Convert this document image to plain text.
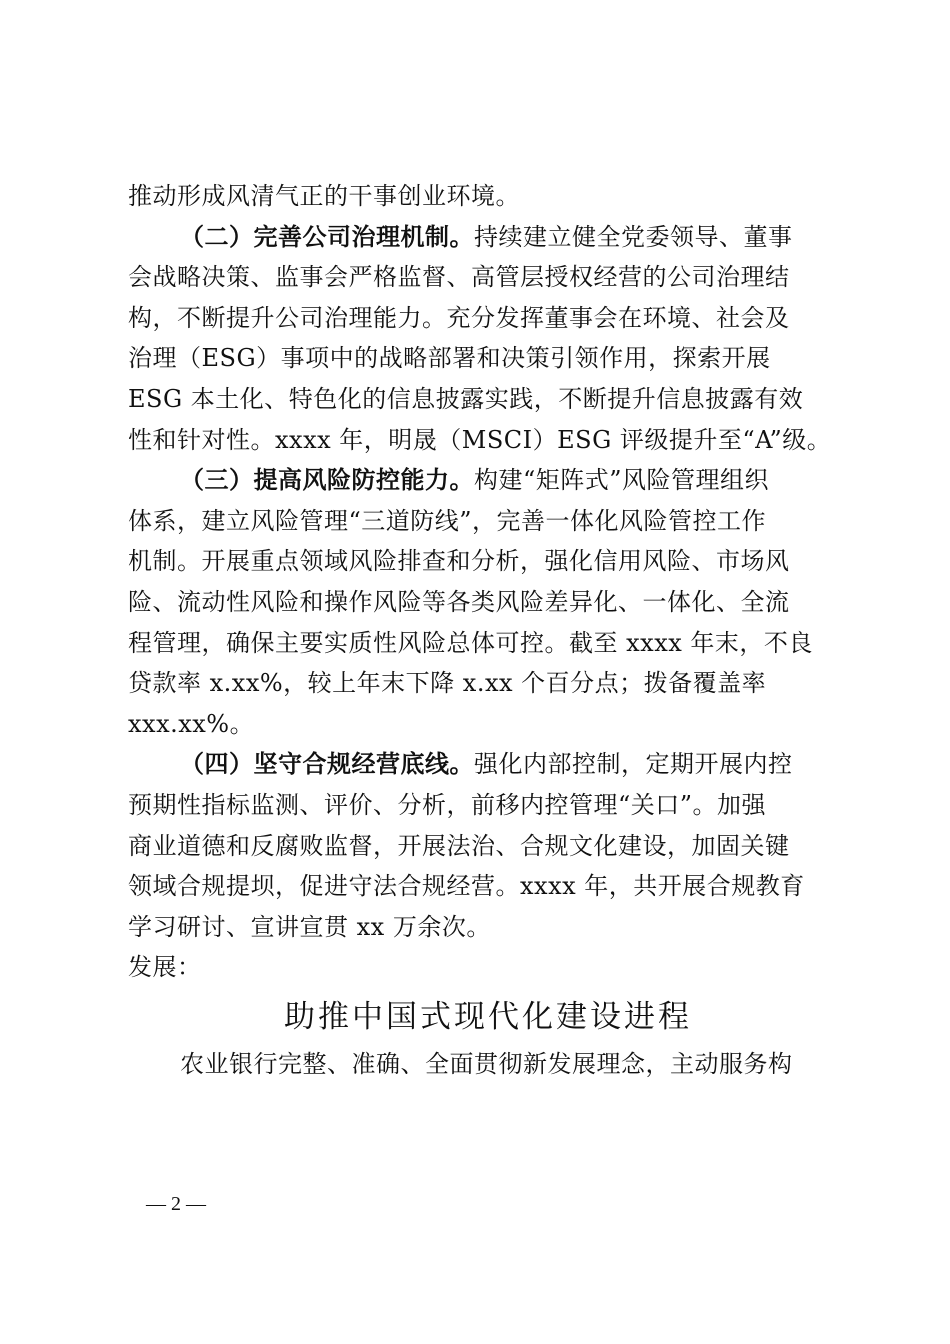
推动形成风清气正的干事创业环境。
（二）完善公司治理机制。持续建立健全党委领导、董事
会战略决策、监事会严格监督、高管层授权经营的公司治理结
构，不断提升公司治理能力。充分发挥董事会在环境、社会及
治理（ESG）事项中的战略部署和决策引领作用，探索开展
ESG 本土化、特色化的信息披露实践，不断提升信息披露有效
性和针对性。xxxx 年，明晟（MSCI）ESG 评级提升至“A”级。
（三）提高风险防控能力。构建“矩阵式”风险管理组织
体系，建立风险管理“三道防线”，完善一体化风险管控工作
机制。开展重点领域风险排查和分析，强化信用风险、市场风
险、流动性风险和操作风险等各类风险差异化、一体化、全流
程管理，确保主要实质性风险总体可控。截至 xxxx 年末，不良
贷款率 x.xx%，较上年末下降 x.xx 个百分点；拨备覆盖率
xxx.xx%。
（四）坚守合规经营底线。强化内部控制，定期开展内控
预期性指标监测、评价、分析，前移内控管理“关口”。加强
商业道德和反腐败监督，开展法治、合规文化建设，加固关键
领域合规提坝，促进守法合规经营。xxxx 年，共开展合规教育
学习研讨、宣讲宣贯 xx 万余次。
发展：
助推中国式现代化建设进程
农业银行完整、准确、全面贯彻新发展理念，主动服务构
— 2 —
